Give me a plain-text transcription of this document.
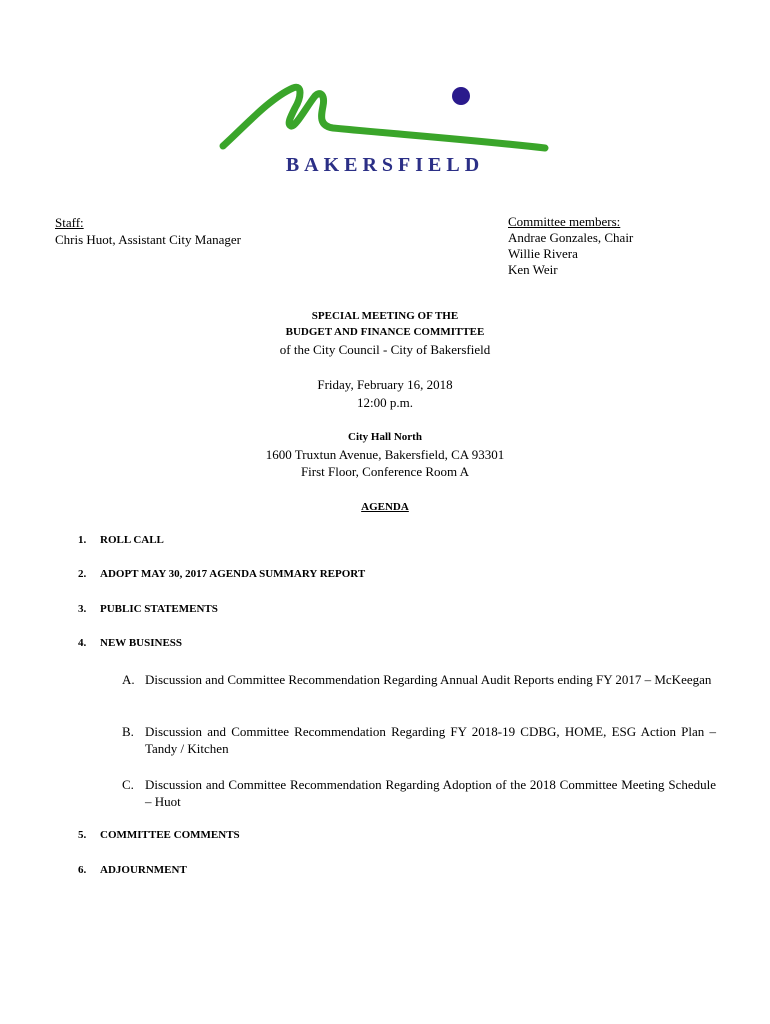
BAKERSFIELD
Staff:
Chris Huot, Assistant City Manager
Committee members:
Andrae Gonzales, Chair
Willie Rivera
Ken Weir
SPECIAL MEETING OF THE
BUDGET AND FINANCE COMMITTEE
of the City Council - City of Bakersfield
Friday, February 16, 2018
12:00 p.m.
City Hall North
1600 Truxtun Avenue, Bakersfield, CA 93301
First Floor, Conference Room A
AGENDA
1. ROLL CALL
2. ADOPT MAY 30, 2017 AGENDA SUMMARY REPORT
3. PUBLIC STATEMENTS
4. NEW BUSINESS
5. COMMITTEE COMMENTS
6. ADJOURNMENT
A. Discussion and Committee Recommendation Regarding Annual Audit Reports ending FY 2017 – McKeegan
B. Discussion and Committee Recommendation Regarding FY 2018-19 CDBG, HOME, ESG Action Plan – Tandy / Kitchen
C. Discussion and Committee Recommendation Regarding Adoption of the 2018 Committee Meeting Schedule – Huot
